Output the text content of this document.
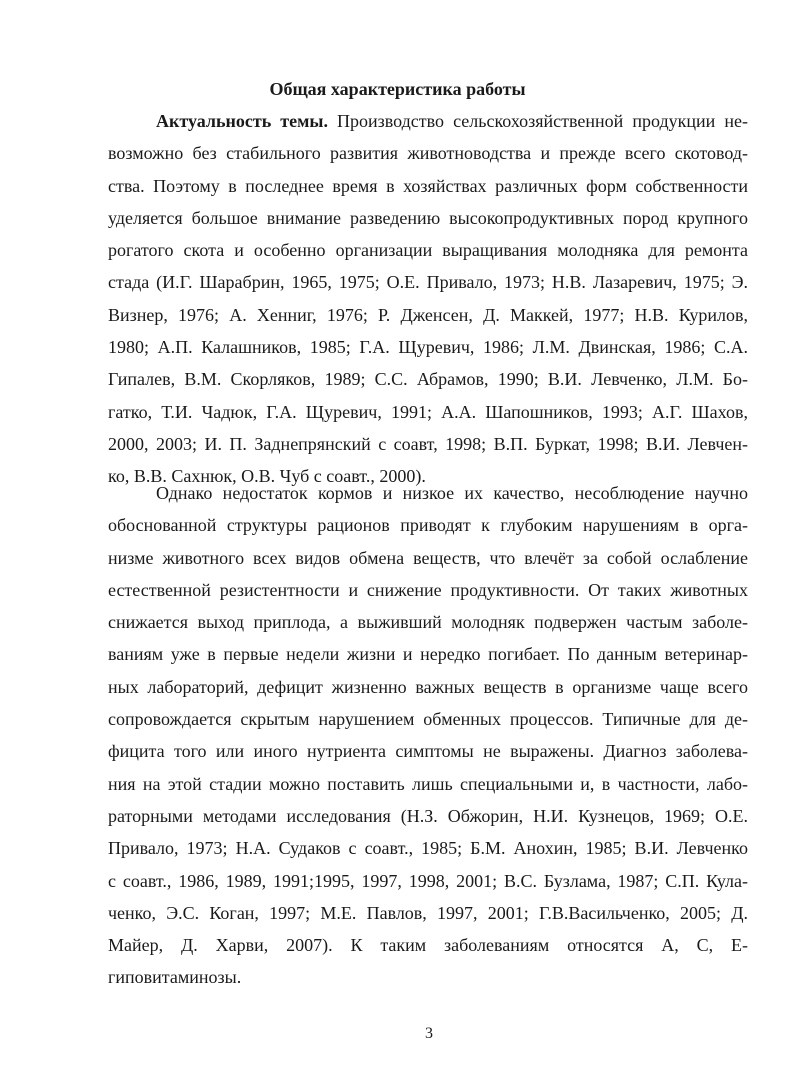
Общая характеристика работы
Актуальность темы. Производство сельскохозяйственной продукции не-
возможно без стабильного развития животноводства и прежде всего скотовод-
ства. Поэтому в последнее время в хозяйствах различных форм собственности
уделяется большое внимание разведению высокопродуктивных пород крупного
рогатого скота и особенно организации выращивания молодняка для ремонта
стада (И.Г. Шарабрин, 1965, 1975; О.Е. Привало, 1973; Н.В. Лазаревич, 1975; Э.
Визнер, 1976; А. Хенниг, 1976; Р. Дженсен, Д. Маккей, 1977; Н.В. Курилов,
1980; А.П. Калашников, 1985; Г.А. Щуревич, 1986; Л.М. Двинская, 1986; С.А.
Гипалев, В.М. Скорляков, 1989; С.С. Абрамов, 1990; В.И. Левченко, Л.М. Бо-
гатко, Т.И. Чадюк, Г.А. Щуревич, 1991; А.А. Шапошников, 1993; А.Г. Шахов,
2000, 2003; И. П. Заднепрянский с соавт, 1998; В.П. Буркат, 1998; В.И. Левчен-
ко, В.В. Сахнюк, О.В. Чуб с соавт., 2000).
Однако недостаток кормов и низкое их качество, несоблюдение научно
обоснованной структуры рационов приводят к глубоким нарушениям в орга-
низме животного всех видов обмена веществ, что влечёт за собой ослабление
естественной резистентности и снижение продуктивности. От таких животных
снижается выход приплода, а выживший молодняк подвержен частым заболе-
ваниям уже в первые недели жизни и нередко погибает. По данным ветеринар-
ных лабораторий, дефицит жизненно важных веществ в организме чаще всего
сопровождается скрытым нарушением обменных процессов. Типичные для де-
фицита того или иного нутриента симптомы не выражены. Диагноз заболева-
ния на этой стадии можно поставить лишь специальными и, в частности, лабо-
раторными методами исследования (Н.З. Обжорин, Н.И. Кузнецов, 1969; О.Е.
Привало, 1973; Н.А. Судаков с соавт., 1985; Б.М. Анохин, 1985; В.И. Левченко
с соавт., 1986, 1989, 1991;1995, 1997, 1998, 2001; В.С. Бузлама, 1987; С.П. Кула-
ченко, Э.С. Коган, 1997; М.Е. Павлов, 1997, 2001; Г.В.Васильченко, 2005; Д.
Майер, Д. Харви, 2007). К таким заболеваниям относятся А, С, Е-
гиповитаминозы.
3
